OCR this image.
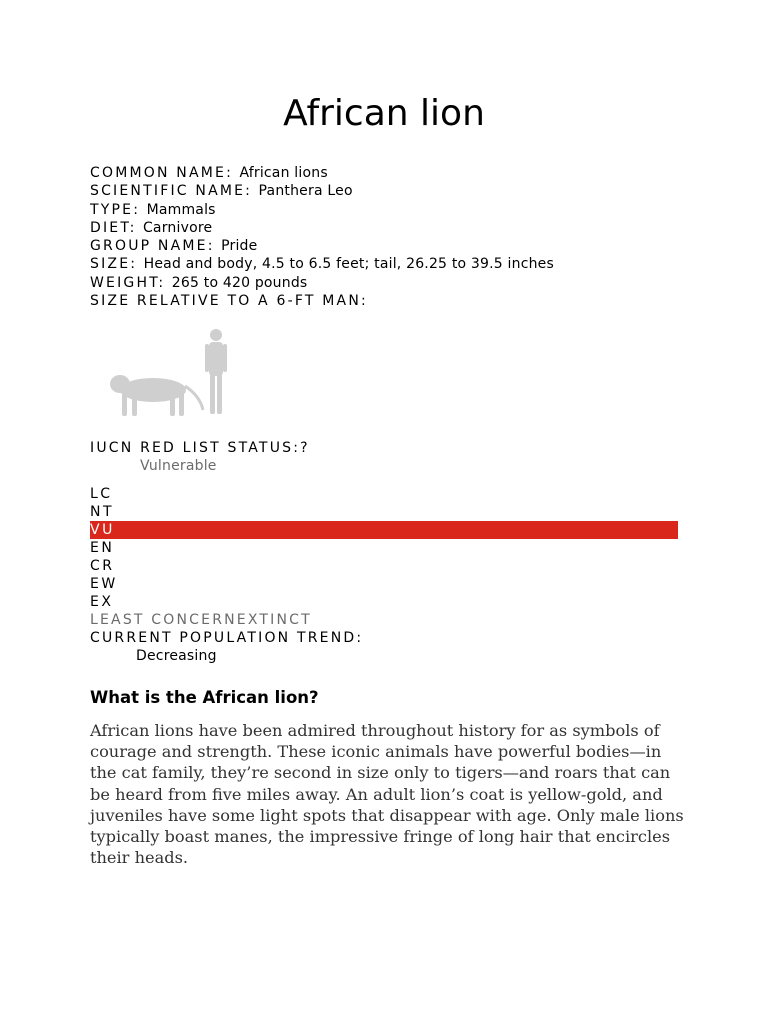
African lion
COMMON NAME: African lions
SCIENTIFIC NAME: Panthera Leo
TYPE: Mammals
DIET: Carnivore
GROUP NAME: Pride
SIZE: Head and body, 4.5 to 6.5 feet; tail, 26.25 to 39.5 inches
WEIGHT: 265 to 420 pounds
SIZE RELATIVE TO A 6-FT MAN:
IUCN RED LIST STATUS:?
Vulnerable
LC
NT
VU
EN
CR
EW
EX
LEAST CONCERNEXTINCT
CURRENT POPULATION TREND:
Decreasing
What is the African lion?

African lions have been admired throughout history for as symbols of courage and strength. These iconic animals have powerful bodies—in the cat family, they’re second in size only to tigers—and roars that can be heard from five miles away. An adult lion’s coat is yellow-gold, and juveniles have some light spots that disappear with age. Only male lions typically boast manes, the impressive fringe of long hair that encircles their heads.
